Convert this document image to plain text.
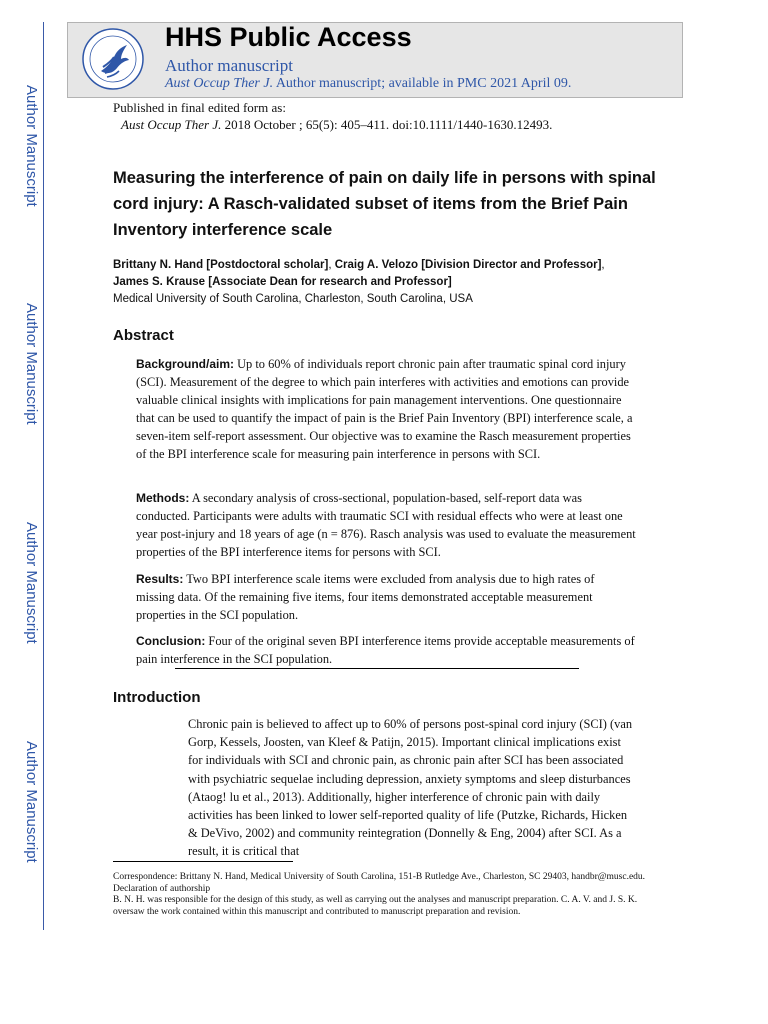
Author Manuscript
Author Manuscript
Author Manuscript
Author Manuscript
HHS Public Access
Author manuscript
Aust Occup Ther J. Author manuscript; available in PMC 2021 April 09.
Published in final edited form as:
Aust Occup Ther J. 2018 October ; 65(5): 405–411. doi:10.1111/1440-1630.12493.
Measuring the interference of pain on daily life in persons with spinal cord injury: A Rasch-validated subset of items from the Brief Pain Inventory interference scale
Brittany N. Hand [Postdoctoral scholar], Craig A. Velozo [Division Director and Professor],
James S. Krause [Associate Dean for research and Professor]
Medical University of South Carolina, Charleston, South Carolina, USA
Abstract
Background/aim: Up to 60% of individuals report chronic pain after traumatic spinal cord injury (SCI). Measurement of the degree to which pain interferes with activities and emotions can provide valuable clinical insights with implications for pain management interventions. One questionnaire that can be used to quantify the impact of pain is the Brief Pain Inventory (BPI) interference scale, a seven-item self-report assessment. Our objective was to examine the Rasch measurement properties of the BPI interference scale for measuring pain interference in persons with SCI.
Methods: A secondary analysis of cross-sectional, population-based, self-report data was conducted. Participants were adults with traumatic SCI with residual effects who were at least one year post-injury and 18 years of age (n = 876). Rasch analysis was used to evaluate the measurement properties of the BPI interference items for persons with SCI.
Results: Two BPI interference scale items were excluded from analysis due to high rates of missing data. Of the remaining five items, four items demonstrated acceptable measurement properties in the SCI population.
Conclusion: Four of the original seven BPI interference items provide acceptable measurements of pain interference in the SCI population.
Introduction
Chronic pain is believed to affect up to 60% of persons post-spinal cord injury (SCI) (van Gorp, Kessels, Joosten, van Kleef & Patijn, 2015). Important clinical implications exist for individuals with SCI and chronic pain, as chronic pain after SCI has been associated with psychiatric sequelae including depression, anxiety symptoms and sleep disturbances (Ataog! lu et al., 2013). Additionally, higher interference of chronic pain with daily activities has been linked to lower self-reported quality of life (Putzke, Richards, Hicken & DeVivo, 2002) and community reintegration (Donnelly & Eng, 2004) after SCI. As a result, it is critical that
Correspondence: Brittany N. Hand, Medical University of South Carolina, 151-B Rutledge Ave., Charleston, SC 29403, handbr@musc.edu.
Declaration of authorship
B. N. H. was responsible for the design of this study, as well as carrying out the analyses and manuscript preparation. C. A. V. and J. S. K. oversaw the work contained within this manuscript and contributed to manuscript preparation and revision.
